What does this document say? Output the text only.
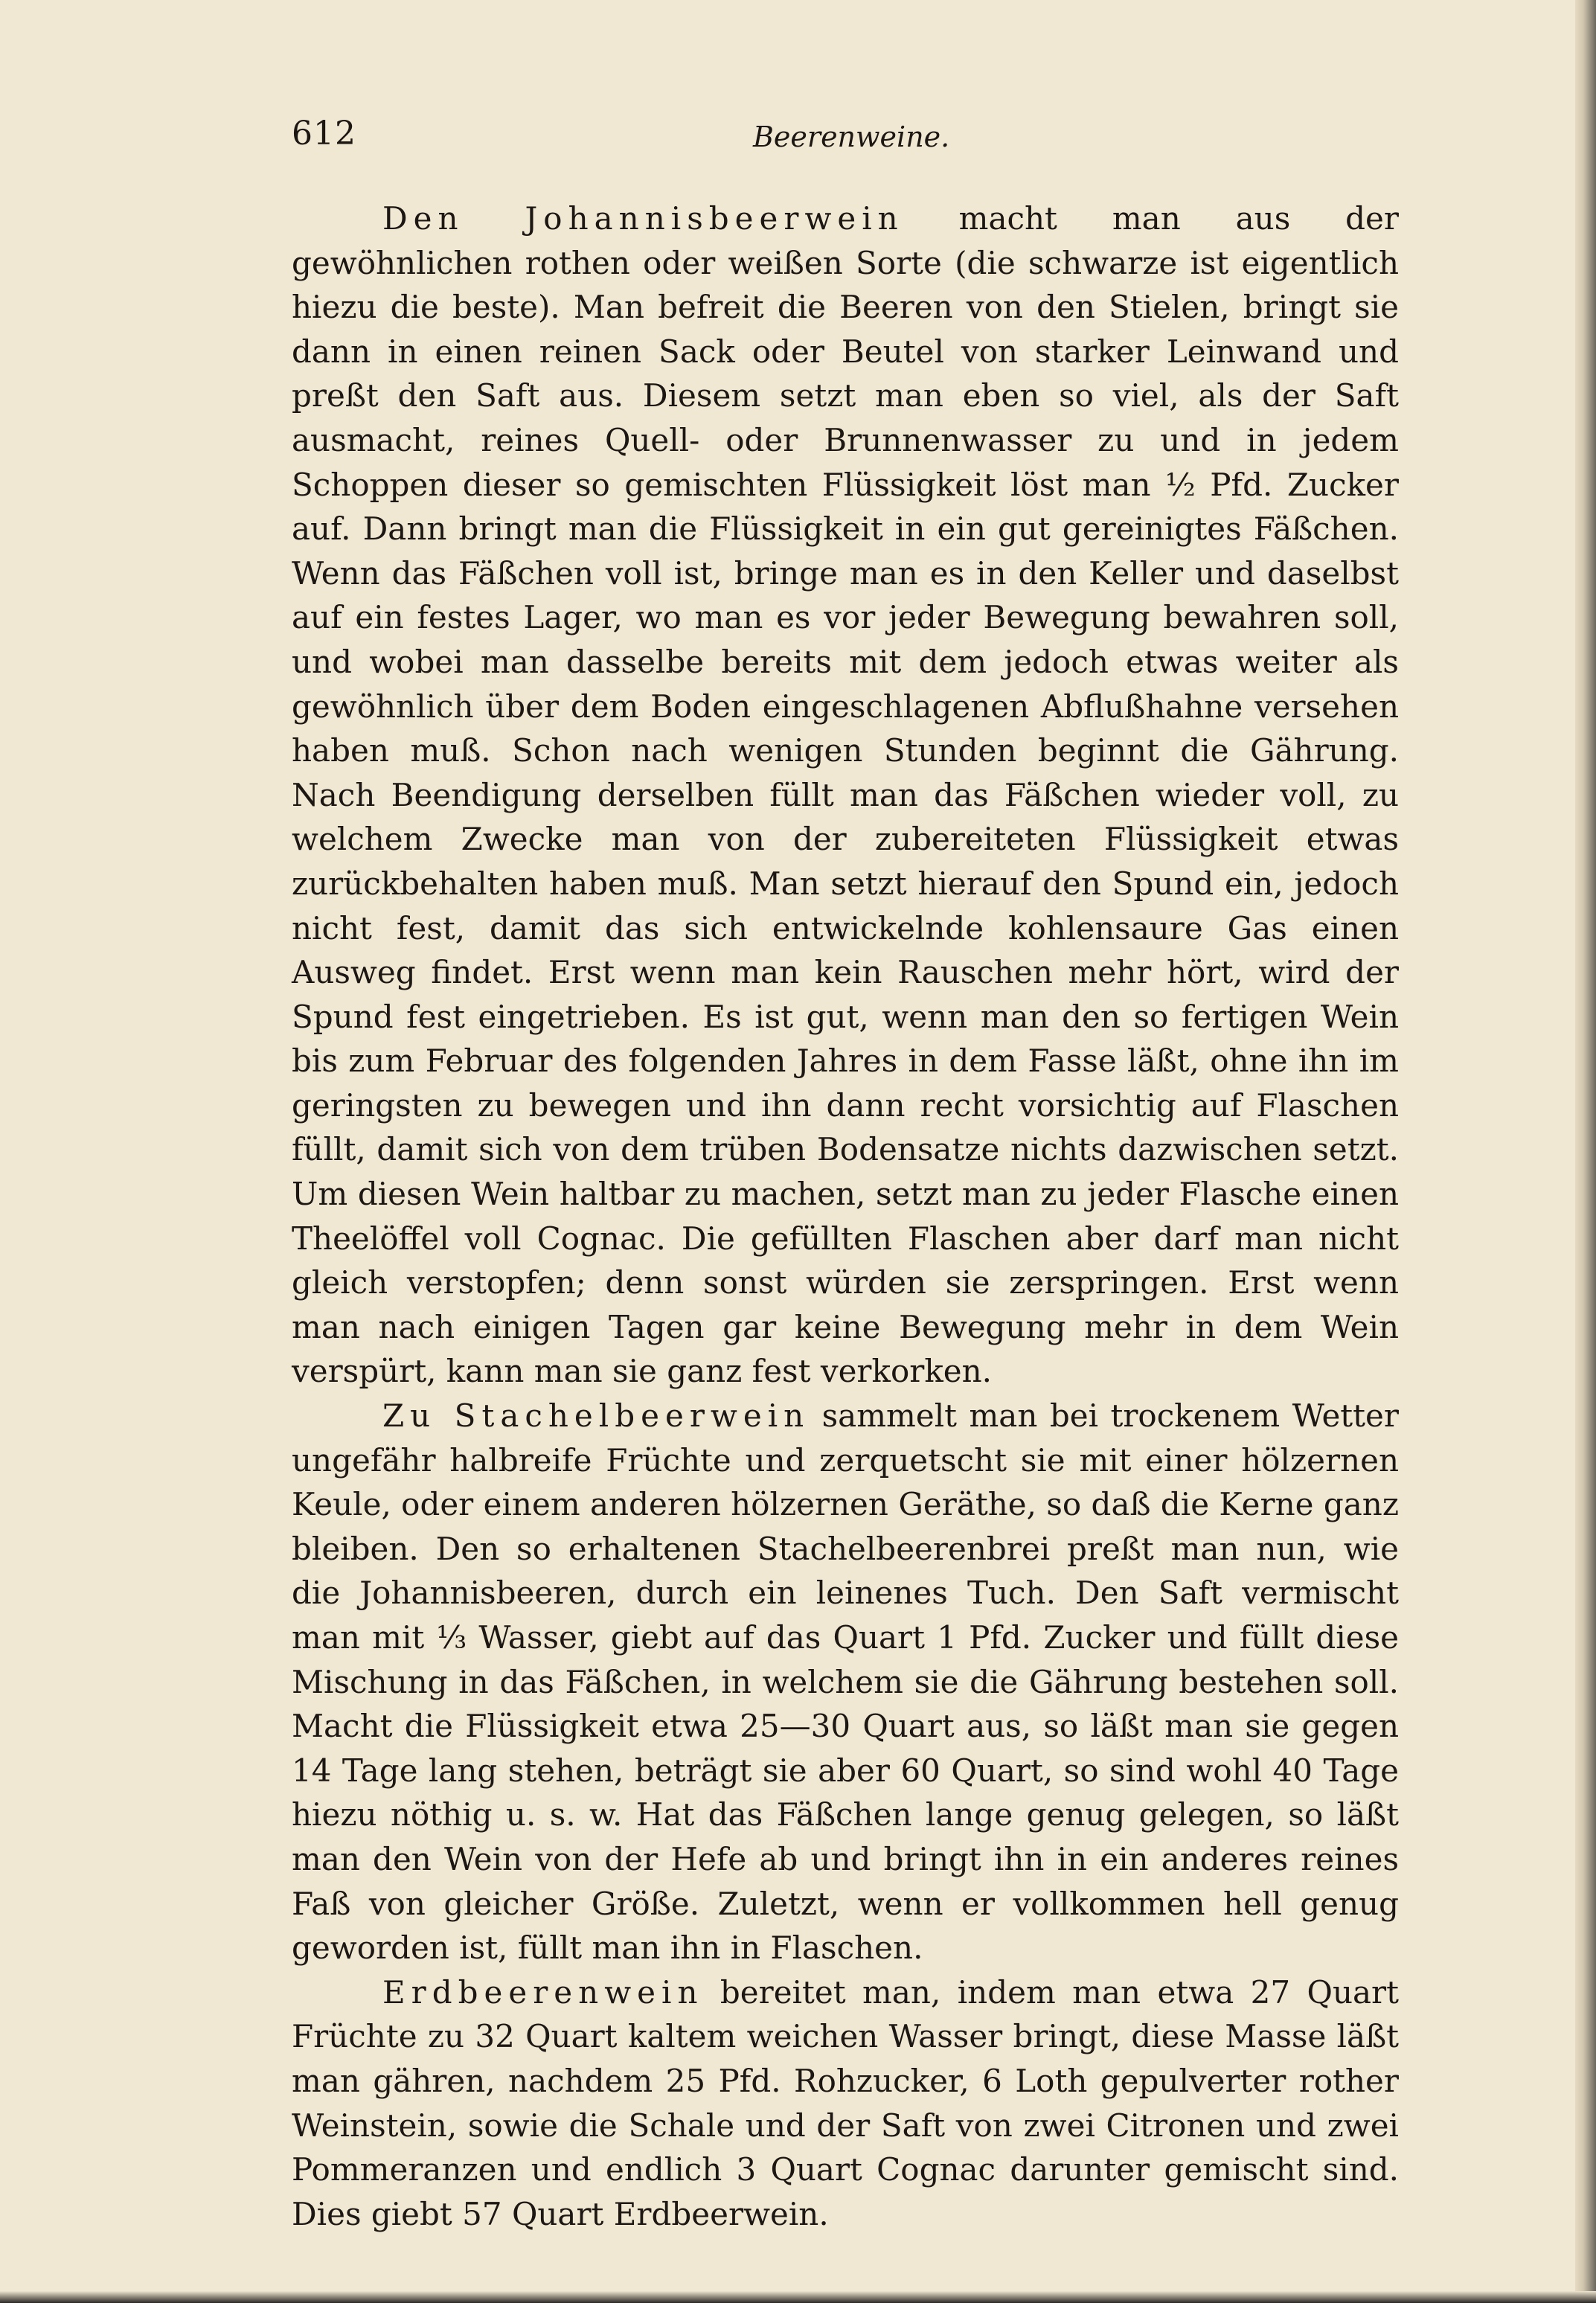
612	Beerenweine.

Den Johannisbeerwein macht man aus der gewöhnlichen rothen oder weißen Sorte (die schwarze ist eigentlich hiezu die beste). Man befreit die Beeren von den Stielen, bringt sie dann in einen reinen Sack oder Beutel von starker Leinwand und preßt den Saft aus. Diesem setzt man eben so viel, als der Saft ausmacht, reines Quell- oder Brunnenwasser zu und in jedem Schoppen dieser so gemischten Flüssigkeit löst man ½ Pfd. Zucker auf. Dann bringt man die Flüssigkeit in ein gut gereinigtes Fäßchen. Wenn das Fäßchen voll ist, bringe man es in den Keller und daselbst auf ein festes Lager, wo man es vor jeder Bewegung bewahren soll, und wobei man dasselbe bereits mit dem jedoch etwas weiter als gewöhnlich über dem Boden eingeschlagenen Abflußhahne versehen haben muß. Schon nach wenigen Stunden beginnt die Gährung. Nach Beendigung derselben füllt man das Fäßchen wieder voll, zu welchem Zwecke man von der zubereiteten Flüssigkeit etwas zurückbehalten haben muß. Man setzt hierauf den Spund ein, jedoch nicht fest, damit das sich entwickelnde kohlensaure Gas einen Ausweg findet. Erst wenn man kein Rauschen mehr hört, wird der Spund fest eingetrieben. Es ist gut, wenn man den so fertigen Wein bis zum Februar des folgenden Jahres in dem Fasse läßt, ohne ihn im geringsten zu bewegen und ihn dann recht vorsichtig auf Flaschen füllt, damit sich von dem trüben Bodensatze nichts dazwischen setzt. Um diesen Wein haltbar zu machen, setzt man zu jeder Flasche einen Theelöffel voll Cognac. Die gefüllten Flaschen aber darf man nicht gleich verstopfen; denn sonst würden sie zerspringen. Erst wenn man nach einigen Tagen gar keine Bewegung mehr in dem Wein verspürt, kann man sie ganz fest verkorken.

Zu Stachelbeerwein sammelt man bei trockenem Wetter ungefähr halbreife Früchte und zerquetscht sie mit einer hölzernen Keule, oder einem anderen hölzernen Geräthe, so daß die Kerne ganz bleiben. Den so erhaltenen Stachelbeerenbrei preßt man nun, wie die Johannisbeeren, durch ein leinenes Tuch. Den Saft vermischt man mit ⅓ Wasser, giebt auf das Quart 1 Pfd. Zucker und füllt diese Mischung in das Fäßchen, in welchem sie die Gährung bestehen soll. Macht die Flüssigkeit etwa 25—30 Quart aus, so läßt man sie gegen 14 Tage lang stehen, beträgt sie aber 60 Quart, so sind wohl 40 Tage hiezu nöthig u. s. w. Hat das Fäßchen lange genug gelegen, so läßt man den Wein von der Hefe ab und bringt ihn in ein anderes reines Faß von gleicher Größe. Zuletzt, wenn er vollkommen hell genug geworden ist, füllt man ihn in Flaschen.

Erdbeerenwein bereitet man, indem man etwa 27 Quart Früchte zu 32 Quart kaltem weichen Wasser bringt, diese Masse läßt man gähren, nachdem 25 Pfd. Rohzucker, 6 Loth gepulverter rother Weinstein, sowie die Schale und der Saft von zwei Citronen und zwei Pommeranzen und endlich 3 Quart Cognac darunter gemischt sind. Dies giebt 57 Quart Erdbeerwein.
